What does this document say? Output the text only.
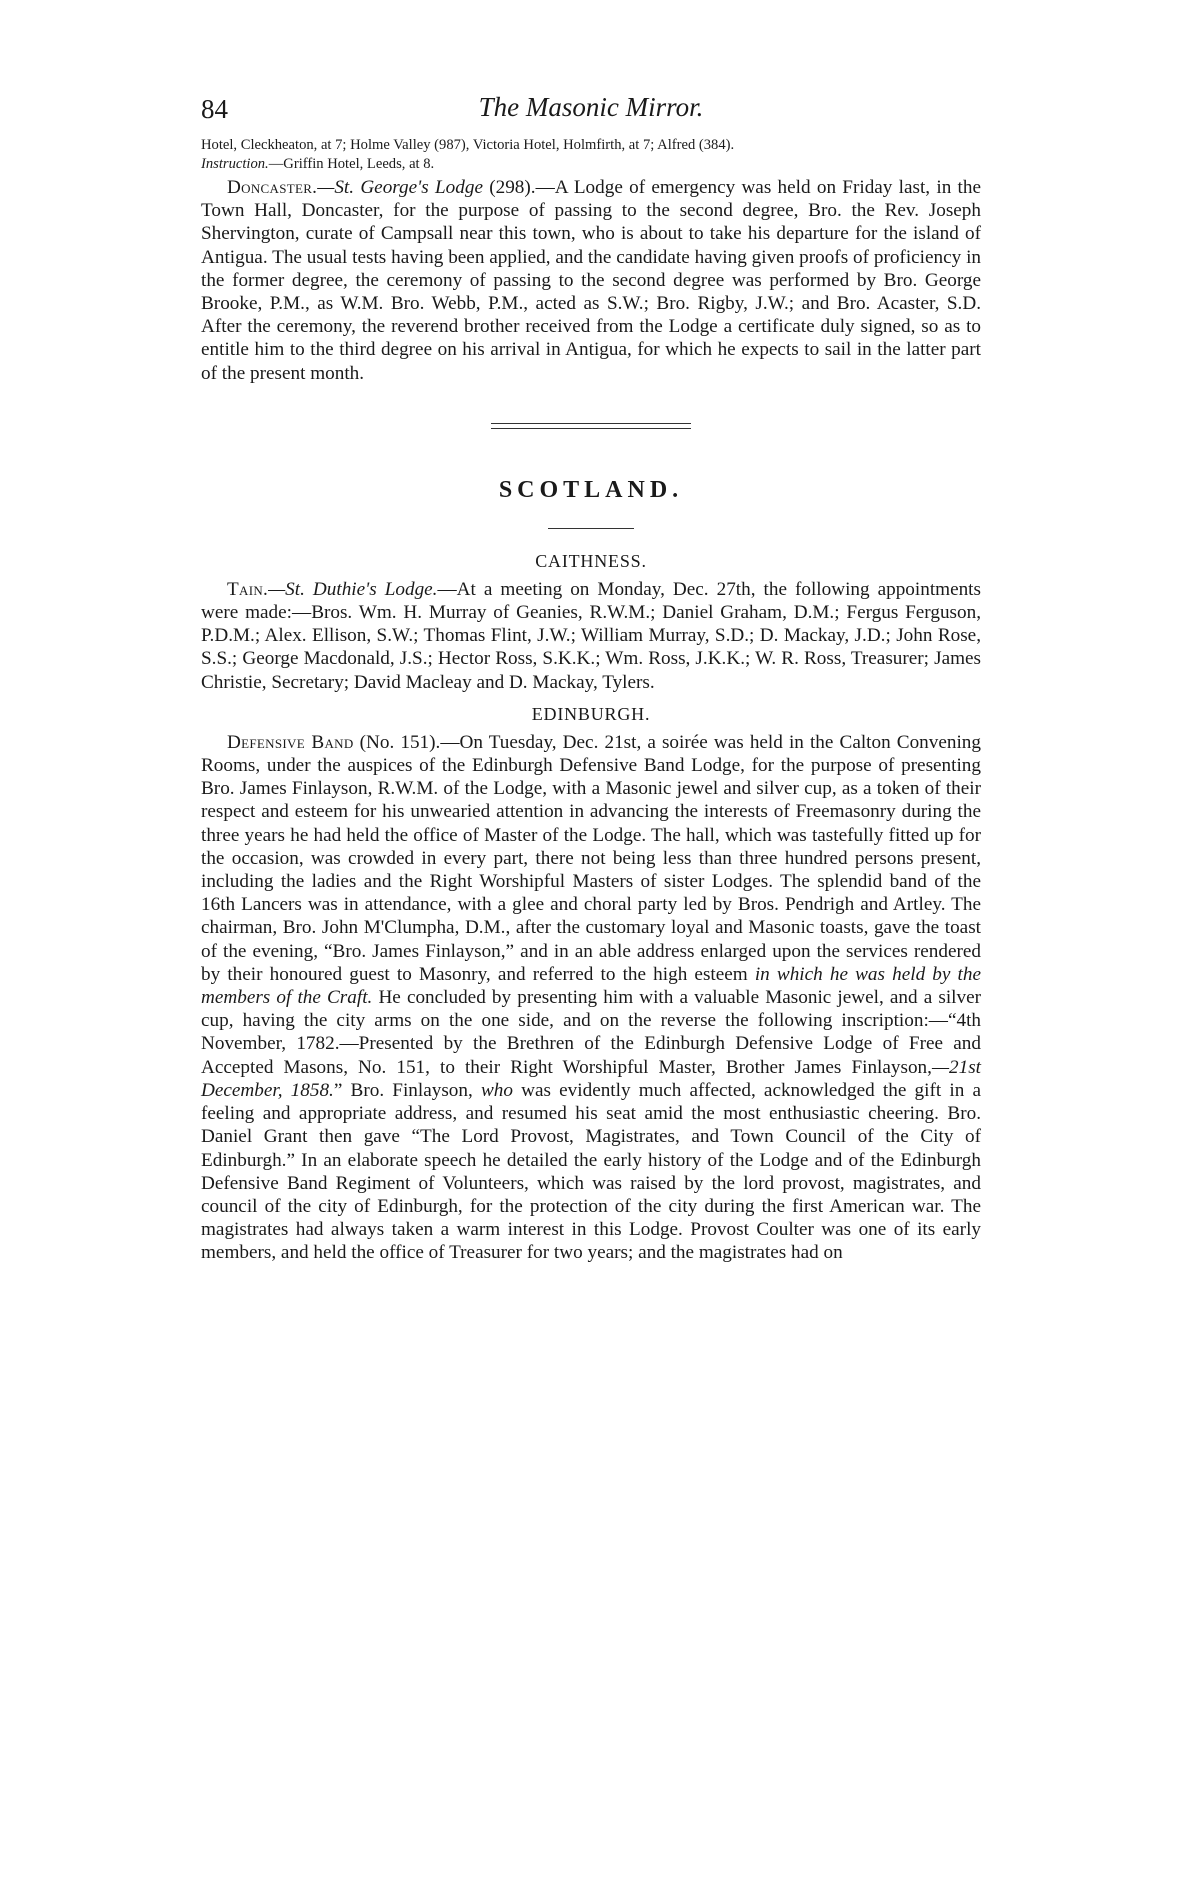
84	The Masonic Mirror.

Hotel, Cleckheaton, at 7; Holme Valley (987), Victoria Hotel, Holmfirth, at 7; Alfred (384).
Instruction.—Griffin Hotel, Leeds, at 8.

Doncaster.—St. George's Lodge (298).—A Lodge of emergency was held on Friday last, in the Town Hall, Doncaster, for the purpose of passing to the second degree, Bro. the Rev. Joseph Shervington, curate of Campsall near this town, who is about to take his departure for the island of Antigua. The usual tests having been applied, and the candidate having given proofs of proficiency in the former degree, the ceremony of passing to the second degree was performed by Bro. George Brooke, P.M., as W.M. Bro. Webb, P.M., acted as S.W.; Bro. Rigby, J.W.; and Bro. Acaster, S.D. After the ceremony, the reverend brother received from the Lodge a certificate duly signed, so as to entitle him to the third degree on his arrival in Antigua, for which he expects to sail in the latter part of the present month.

SCOTLAND.
CAITHNESS.

Tain.—St. Duthie's Lodge.—At a meeting on Monday, Dec. 27th, the following appointments were made:—Bros. Wm. H. Murray of Geanies, R.W.M.; Daniel Graham, D.M.; Fergus Ferguson, P.D.M.; Alex. Ellison, S.W.; Thomas Flint, J.W.; William Murray, S.D.; D. Mackay, J.D.; John Rose, S.S.; George Macdonald, J.S.; Hector Ross, S.K.K.; Wm. Ross, J.K.K.; W. R. Ross, Treasurer; James Christie, Secretary; David Macleay and D. Mackay, Tylers.

EDINBURGH.

Defensive Band (No. 151).—On Tuesday, Dec. 21st, a soirée was held in the Calton Convening Rooms, under the auspices of the Edinburgh Defensive Band Lodge, for the purpose of presenting Bro. James Finlayson, R.W.M. of the Lodge, with a Masonic jewel and silver cup, as a token of their respect and esteem for his unwearied attention in advancing the interests of Freemasonry during the three years he had held the office of Master of the Lodge. The hall, which was tastefully fitted up for the occasion, was crowded in every part, there not being less than three hundred persons present, including the ladies and the Right Worshipful Masters of sister Lodges. The splendid band of the 16th Lancers was in attendance, with a glee and choral party led by Bros. Pendrigh and Artley. The chairman, Bro. John M'Clumpha, D.M., after the customary loyal and Masonic toasts, gave the toast of the evening, “Bro. James Finlayson,” and in an able address enlarged upon the services rendered by their honoured guest to Masonry, and referred to the high esteem in which he was held by the members of the Craft. He concluded by presenting him with a valuable Masonic jewel, and a silver cup, having the city arms on the one side, and on the reverse the following inscription:—“4th November, 1782.—Presented by the Brethren of the Edinburgh Defensive Lodge of Free and Accepted Masons, No. 151, to their Right Worshipful Master, Brother James Finlayson,—21st December, 1858.” Bro. Finlayson, who was evidently much affected, acknowledged the gift in a feeling and appropriate address, and resumed his seat amid the most enthusiastic cheering. Bro. Daniel Grant then gave “The Lord Provost, Magistrates, and Town Council of the City of Edinburgh.” In an elaborate speech he detailed the early history of the Lodge and of the Edinburgh Defensive Band Regiment of Volunteers, which was raised by the lord provost, magistrates, and council of the city of Edinburgh, for the protection of the city during the first American war. The magistrates had always taken a warm interest in this Lodge. Provost Coulter was one of its early members, and held the office of Treasurer for two years; and the magistrates had on
